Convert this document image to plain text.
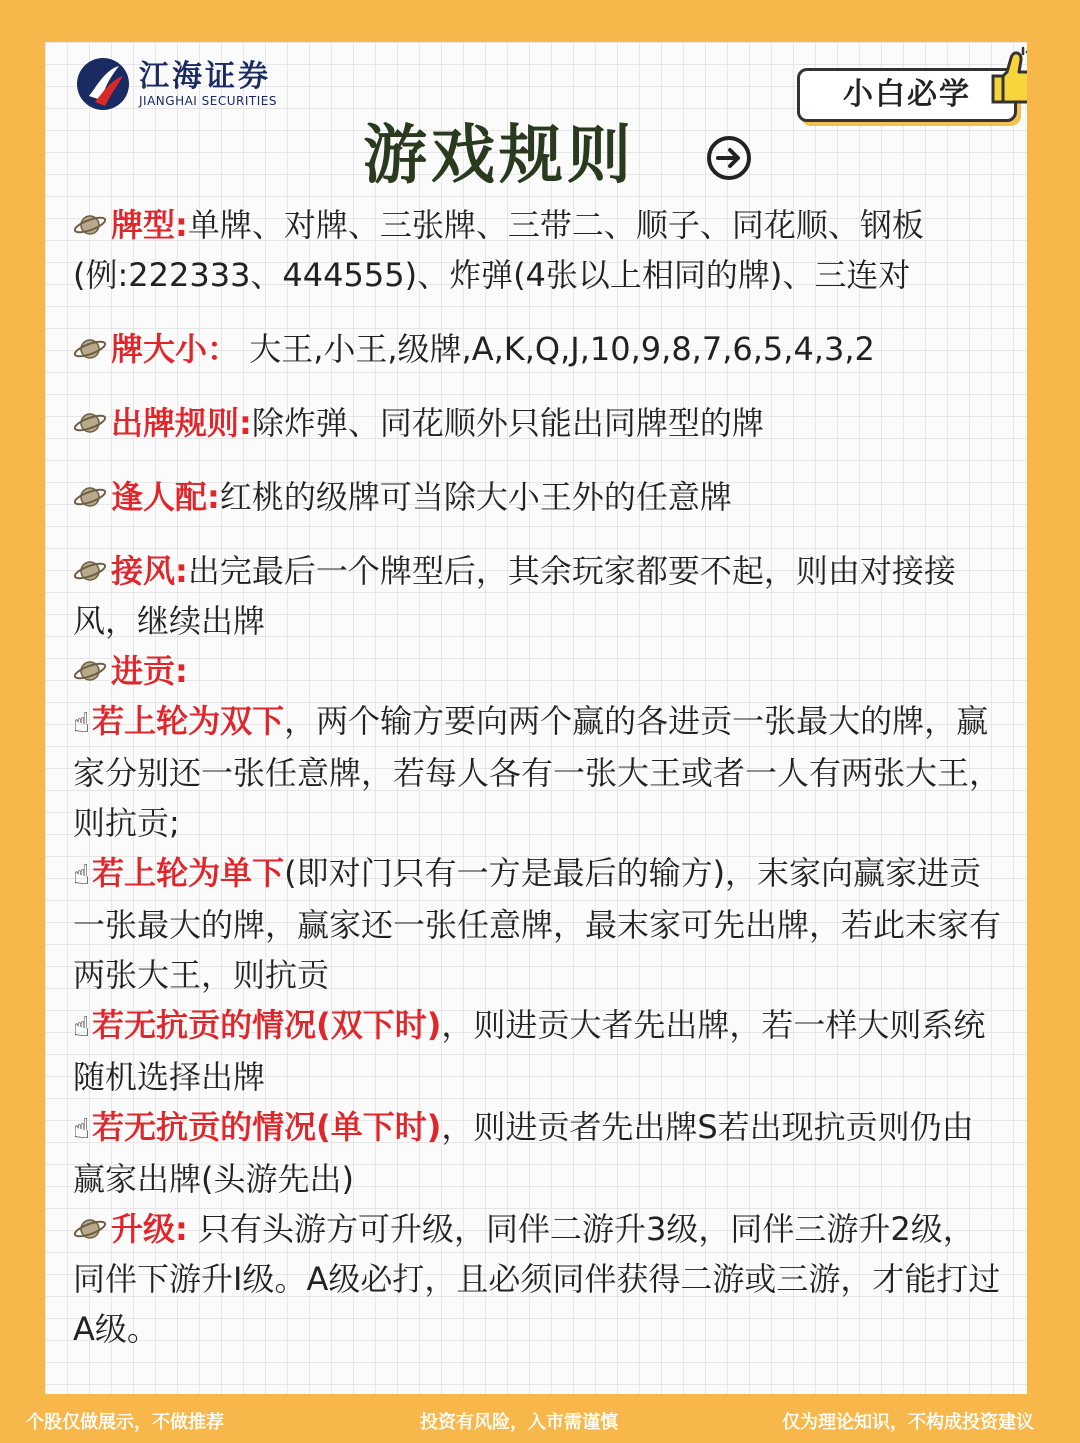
江海证券
JIANGHAI SECURITIES	小白必学
游戏规则

牌型:单牌、对牌、三张牌、三带二、顺子、同花顺、钢板(例:222333、444555)、炸弹(4张以上相同的牌)、三连对

牌大小： 大王,小王,级牌,A,K,Q,J,10,9,8,7,6,5,4,3,2

出牌规则:除炸弹、同花顺外只能出同牌型的牌

逢人配:红桃的级牌可当除大小王外的任意牌

接风:出完最后一个牌型后，其余玩家都要不起，则由对接接风，继续出牌

进贡:

☝若上轮为双下，两个输方要向两个赢的各进贡一张最大的牌，赢家分别还一张任意牌，若每人各有一张大王或者一人有两张大王，则抗贡;

☝若上轮为单下(即对门只有一方是最后的输方)，末家向赢家进贡一张最大的牌，赢家还一张任意牌，最末家可先出牌，若此末家有两张大王，则抗贡

☝若无抗贡的情况(双下时)，则进贡大者先出牌，若一样大则系统随机选择出牌

☝若无抗贡的情况(单下时)，则进贡者先出牌S若出现抗贡则仍由赢家出牌(头游先出)

升级: 只有头游方可升级，同伴二游升3级，同伴三游升2级，同伴下游升I级。A级必打，且必须同伴获得二游或三游，才能打过A级。

个股仅做展示，不做推荐	投资有风险，入市需谨慎	仅为理论知识，不构成投资建议
